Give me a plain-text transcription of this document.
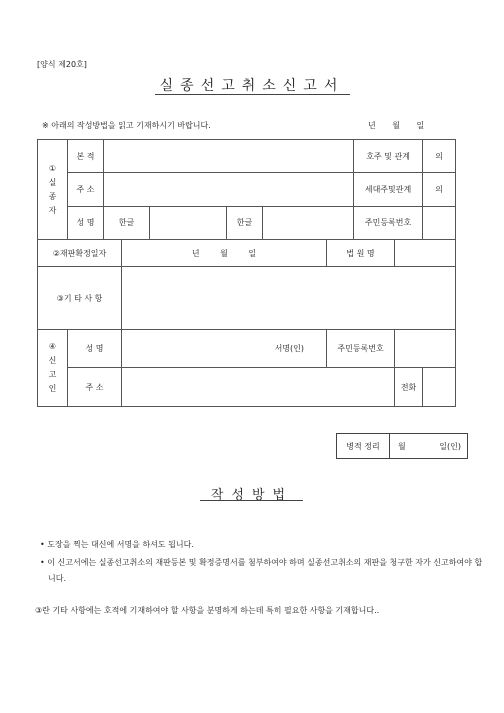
[양식 제20호]
실종선고취소신고서
※ 아래의 작성방법을 읽고 기재하시기 바랍니다.	년 월 일
①
실
종
자	본 적							호주 및 관계		의
	주 소							세대주및관계		의
	성 명	한글			한글			주민등록번호		
②재판확정일자			년 월 일				법 원 명			
③기 타 사 항										

④
신
고
인	성 명		서명(인)				주민등록번호			
	주 소								전화	
병적 정리	월	일(인)
작성방법
• 도장을 찍는 대신에 서명을 하셔도 됩니다.
• 이 신고서에는 실종선고취소의 재판등본 및 확정증명서를 첨부하여야 하며 실종선고취소의 재판을 청구한 자가 신고하여야 합니다.
③란 기타 사항에는 호적에 기재하여야 할 사항을 분명하게 하는데 특히 필요한 사항을 기재합니다..
